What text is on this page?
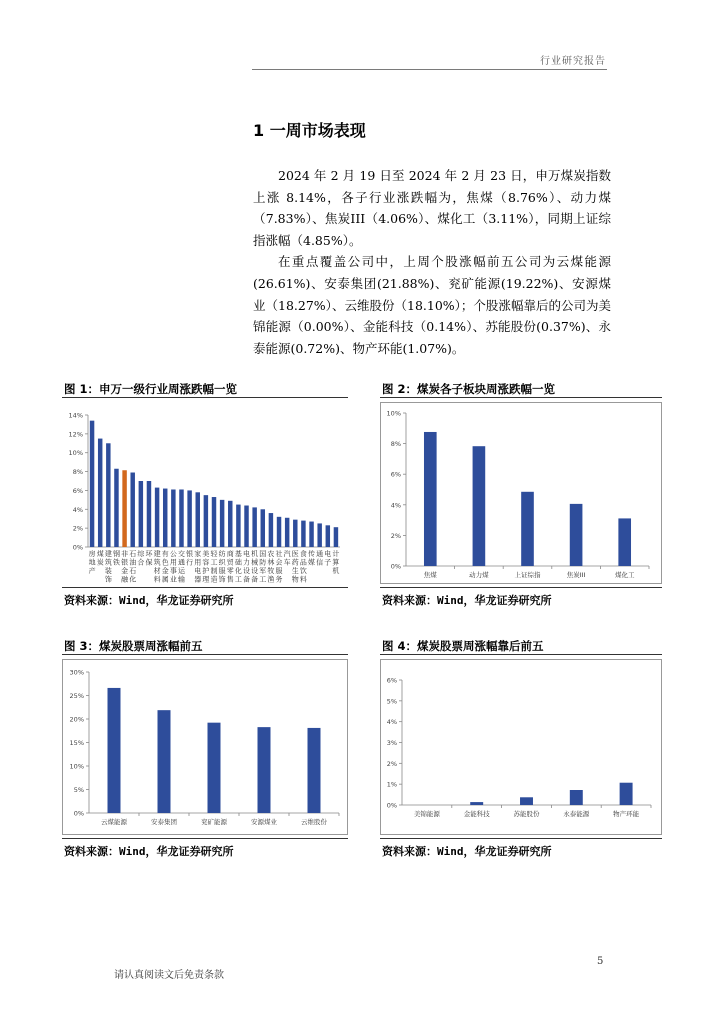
行业研究报告
1 一周市场表现

2024 年 2 月 19 日至 2024 年 2 月 23 日，申万煤炭指数上涨 8.14%，各子行业涨跌幅为，焦煤（8.76%）、动力煤（7.83%）、焦炭III（4.06%）、煤化工（3.11%），同期上证综指涨幅（4.85%）。

在重点覆盖公司中，上周个股涨幅前五公司为云煤能源(26.61%)、安泰集团(21.88%)、兖矿能源(19.22%)、安源煤业（18.27%）、云维股份（18.10%）；个股涨幅靠后的公司为美锦能源（0.00%）、金能科技（0.14%）、苏能股份(0.37%)、永泰能源(0.72%)、物产环能(1.07%)。

图 1：申万一级行业周涨跌幅一览
0%
2%
4%
6%
8%
10%
12%
14%
房地产
煤炭
建筑装饰
钢铁
非银金融
石油石化
综合
环保
建筑材料
有色金属
公用事业
交通运输
银行
家用电器
美容护理
轻工制造
纺织服饰
商贸零售
基础化工
电力设备
机械设备
国防军工
农林牧渔
社会服务
汽车
医药生物
食品饮料
传媒
通信
电子
计算机
资料来源：Wind，华龙证券研究所
图 2：煤炭各子板块周涨跌幅一览
0%
2%
4%
6%
8%
10%
焦煤	动力煤	上证综指	焦炭III	煤化工
资料来源：Wind，华龙证券研究所
图 3：煤炭股票周涨幅前五
0%
5%
10%
15%
20%
25%
30%
云煤能源	安泰集团	兖矿能源	安源煤业	云维股份
资料来源：Wind，华龙证券研究所
图 4：煤炭股票周涨幅靠后前五
0%
1%
2%
3%
4%
5%
6%
美锦能源	金能科技	苏能股份	永泰能源	物产环能
资料来源：Wind，华龙证券研究所
5
请认真阅读文后免责条款
